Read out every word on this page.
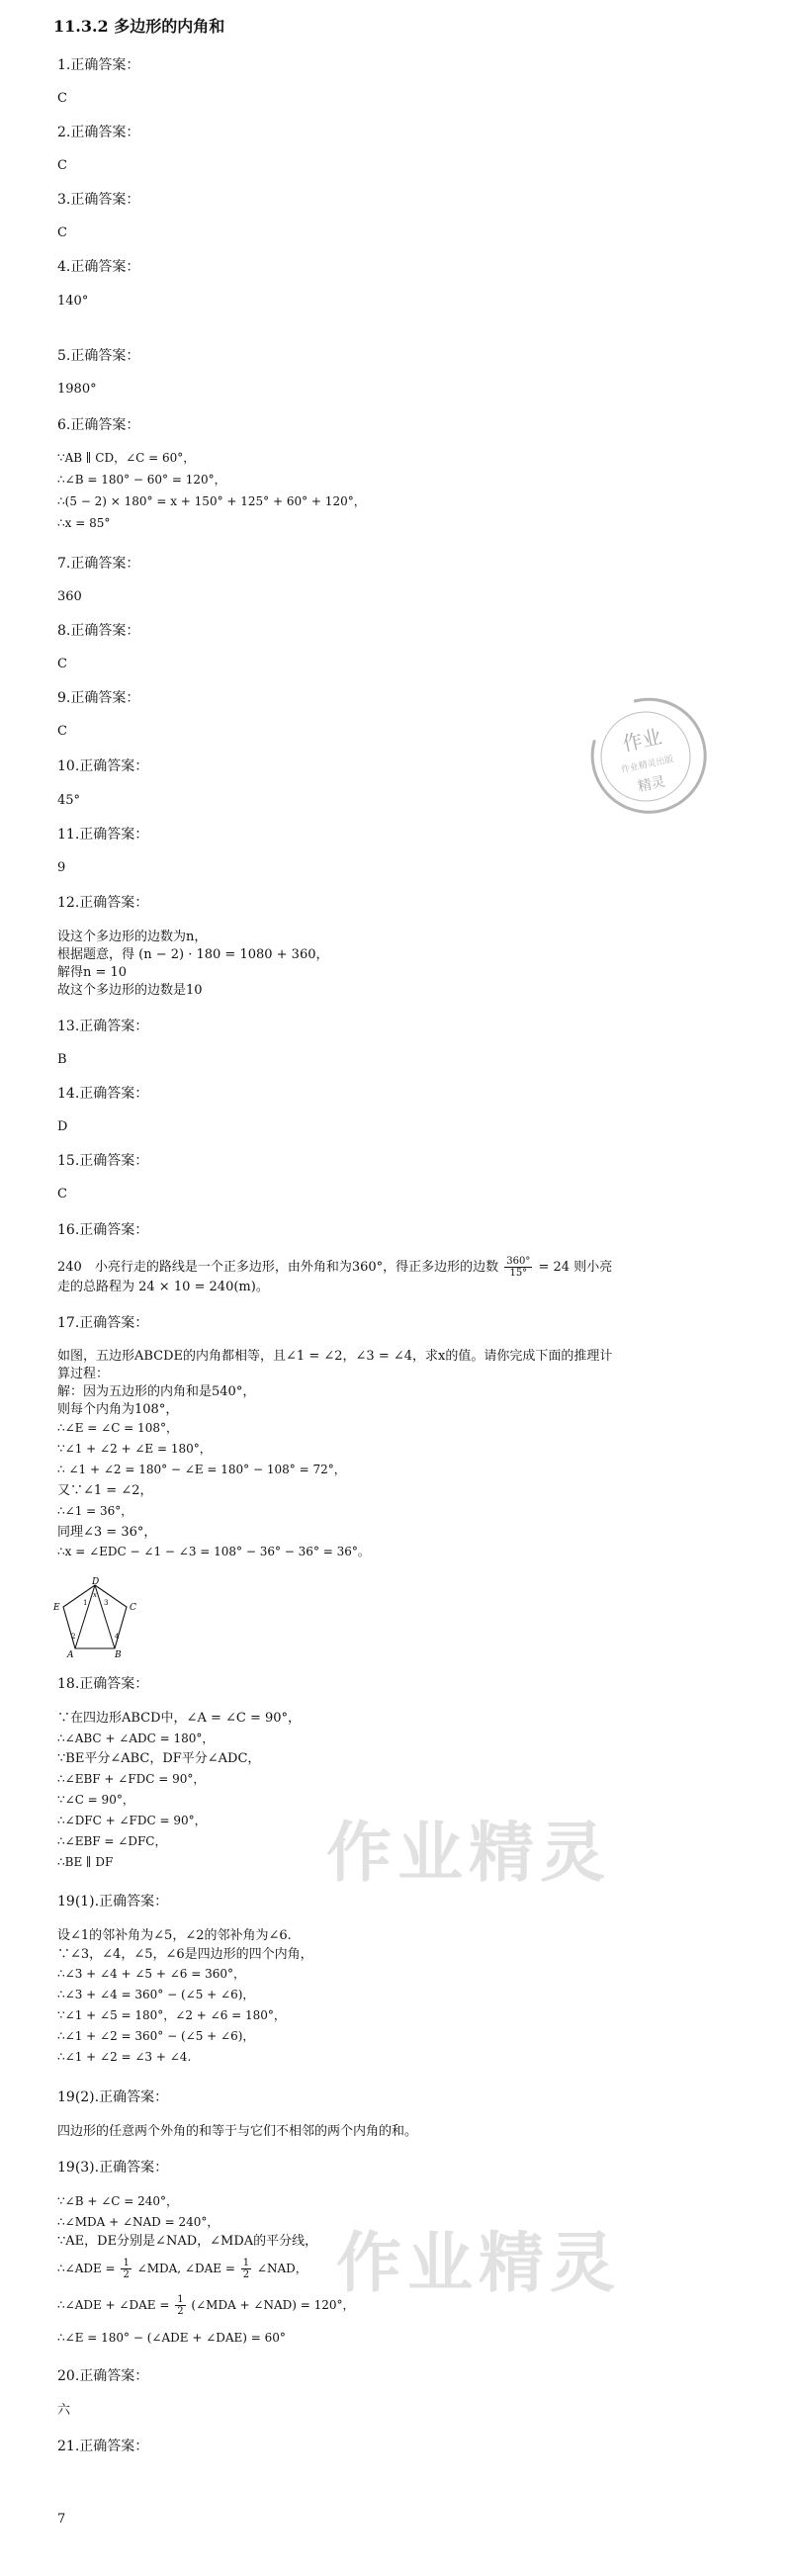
11.3.2 多边形的内角和
1.正确答案：
C
2.正确答案：
C
3.正确答案：
C
4.正确答案：
140°
5.正确答案：
1980°
6.正确答案：
∵AB ∥ CD，∠C = 60°，
∴∠B = 180° − 60° = 120°，
∴(5 − 2) × 180° = x + 150° + 125° + 60° + 120°，
∴x = 85°
7.正确答案：
360
8.正确答案：
C
9.正确答案：
C
10.正确答案：
45°
11.正确答案：
9
12.正确答案：
设这个多边形的边数为n，
根据题意，得 (n − 2) · 180 = 1080 + 360，
解得n = 10
故这个多边形的边数是10
13.正确答案：
B
14.正确答案：
D
15.正确答案：
C
16.正确答案：
240　小亮行走的路线是一个正多边形，由外角和为360°，得正多边形的边数 $\frac{360^\circ}{15^\circ} = 24$ 则小亮
走的总路程为 24 × 10 = 240(m)。
17.正确答案：
如图，五边形ABCDE的内角都相等，且∠1 = ∠2，∠3 = ∠4，求x的值。请你完成下面的推理计
算过程：
解：因为五边形的内角和是540°，
则每个内角为108°，
∴∠E = ∠C = 108°，
∵∠1 + ∠2 + ∠E = 180°，
∴ ∠1 + ∠2 = 180° − ∠E = 180° − 108° = 72°，
又∵∠1 = ∠2，
∴∠1 = 36°，
同理∠3 = 36°，
∴x = ∠EDC − ∠1 − ∠3 = 108° − 36° − 36° = 36°。
D
E	C
A	B
x
1
2
3
4
18.正确答案：
∵在四边形ABCD中，∠A = ∠C = 90°，
∴∠ABC + ∠ADC = 180°，
∵BE平分∠ABC，DF平分∠ADC，
∴∠EBF + ∠FDC = 90°，
∵∠C = 90°，
∴∠DFC + ∠FDC = 90°，
∴∠EBF = ∠DFC，
∴BE ∥ DF
19(1).正确答案：
设∠1的邻补角为∠5，∠2的邻补角为∠6.
∵∠3，∠4，∠5，∠6是四边形的四个内角，
∴∠3 + ∠4 + ∠5 + ∠6 = 360°，
∴∠3 + ∠4 = 360° − (∠5 + ∠6)，
∵∠1 + ∠5 = 180°，∠2 + ∠6 = 180°，
∴∠1 + ∠2 = 360° − (∠5 + ∠6)，
∴∠1 + ∠2 = ∠3 + ∠4.
19(2).正确答案：
四边形的任意两个外角的和等于与它们不相邻的两个内角的和。
19(3).正确答案：
∵∠B + ∠C = 240°，
∴∠MDA + ∠NAD = 240°，
∵AE，DE分别是∠NAD，∠MDA的平分线，
∴∠ADE = $\frac{1}{2}$ ∠MDA, ∠DAE = $\frac{1}{2}$ ∠NAD，
∴∠ADE + ∠DAE = $\frac{1}{2}$ (∠MDA + ∠NAD) = 120°，
∴∠E = 180° − (∠ADE + ∠DAE) = 60°
20.正确答案：
六
21.正确答案：
7
作业
作业精灵出版
精灵
作业精灵
作业精灵
